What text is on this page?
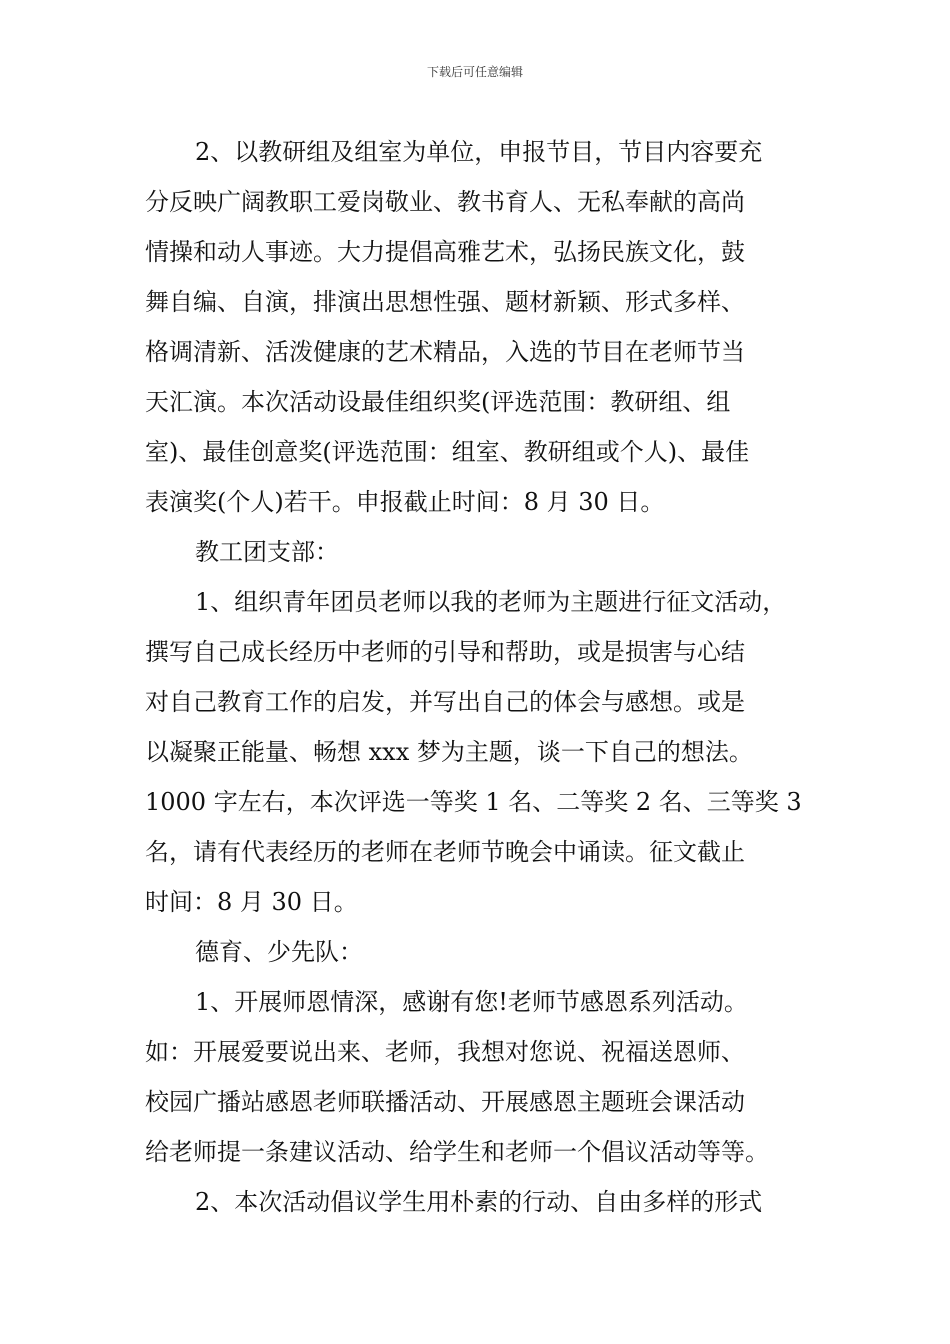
下载后可任意编辑
2、以教研组及组室为单位，申报节目，节目内容要充
分反映广阔教职工爱岗敬业、教书育人、无私奉献的高尚
情操和动人事迹。大力提倡高雅艺术，弘扬民族文化，鼓
舞自编、自演，排演出思想性强、题材新颖、形式多样、
格调清新、活泼健康的艺术精品，入选的节目在老师节当
天汇演。本次活动设最佳组织奖(评选范围：教研组、组
室)、最佳创意奖(评选范围：组室、教研组或个人)、最佳
表演奖(个人)若干。申报截止时间：8 月 30 日。
教工团支部：
1、组织青年团员老师以我的老师为主题进行征文活动，
撰写自己成长经历中老师的引导和帮助，或是损害与心结
对自己教育工作的启发，并写出自己的体会与感想。或是
以凝聚正能量、畅想 xxx 梦为主题，谈一下自己的想法。
1000 字左右，本次评选一等奖 1 名、二等奖 2 名、三等奖 3
名，请有代表经历的老师在老师节晚会中诵读。征文截止
时间：8 月 30 日。
德育、少先队：
1、开展师恩情深，感谢有您!老师节感恩系列活动。
如：开展爱要说出来、老师，我想对您说、祝福送恩师、
校园广播站感恩老师联播活动、开展感恩主题班会课活动
给老师提一条建议活动、给学生和老师一个倡议活动等等。
2、本次活动倡议学生用朴素的行动、自由多样的形式
